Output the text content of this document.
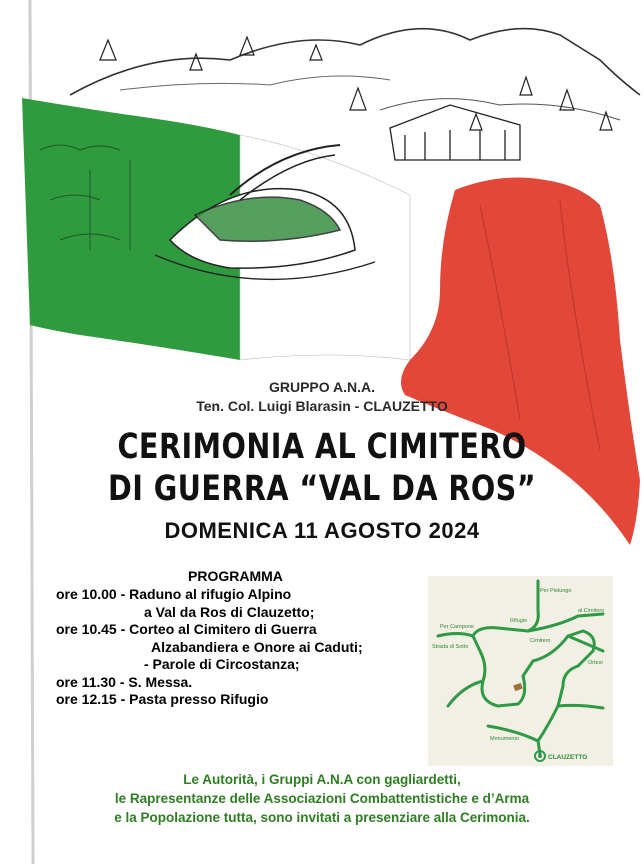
GRUPPO A.N.A.
Ten. Col. Luigi Blarasin - CLAUZETTO
CERIMONIA AL CIMITERO
DI GUERRA “VAL DA ROS”
DOMENICA 11 AGOSTO 2024
PROGRAMMA
ore 10.00 - Raduno al rifugio Alpino
a Val da Ros di Clauzetto;
ore 10.45 - Corteo al Cimitero di Guerra
Alzabandiera e Onore ai Caduti;
- Parole di Circostanza;
ore 11.30 - S. Messa.
ore 12.15 - Pasta presso Rifugio
Per Pielungo
Per Campone
Rifugio
Cimitero
al Cimitero
Strada di Sotto
Ortesi
Monumento
CLAUZETTO
Le Autorità, i Gruppi A.N.A con gagliardetti,
le Rapresentanze delle Associazioni Combattentistiche e d’Arma
e la Popolazione tutta, sono invitati a presenziare alla Cerimonia.
